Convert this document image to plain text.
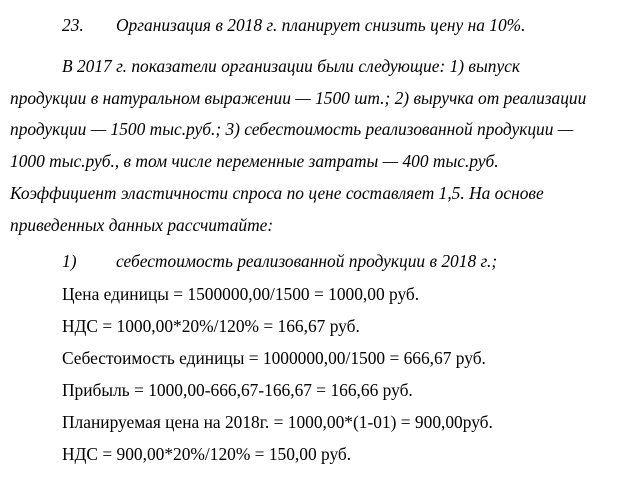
23. Организация в 2018 г. планирует снизить цену на 10%.
В 2017 г. показатели организации были следующие: 1) выпуск
продукции в натуральном выражении — 1500 шт.; 2) выручка от реализации
продукции — 1500 тыс.руб.; 3) себестоимость реализованной продукции —
1000 тыс.руб., в том числе переменные затраты — 400 тыс.руб.
Коэффициент эластичности спроса по цене составляет 1,5. На основе
приведенных данных рассчитайте:
1) себестоимость реализованной продукции в 2018 г.;
Цена единицы = 1500000,00/1500 = 1000,00 руб.
НДС = 1000,00*20%/120% = 166,67 руб.
Себестоимость единицы = 1000000,00/1500 = 666,67 руб.
Прибыль = 1000,00-666,67-166,67 = 166,66 руб.
Планируемая цена на 2018г. = 1000,00*(1-01) = 900,00руб.
НДС = 900,00*20%/120% = 150,00 руб.
